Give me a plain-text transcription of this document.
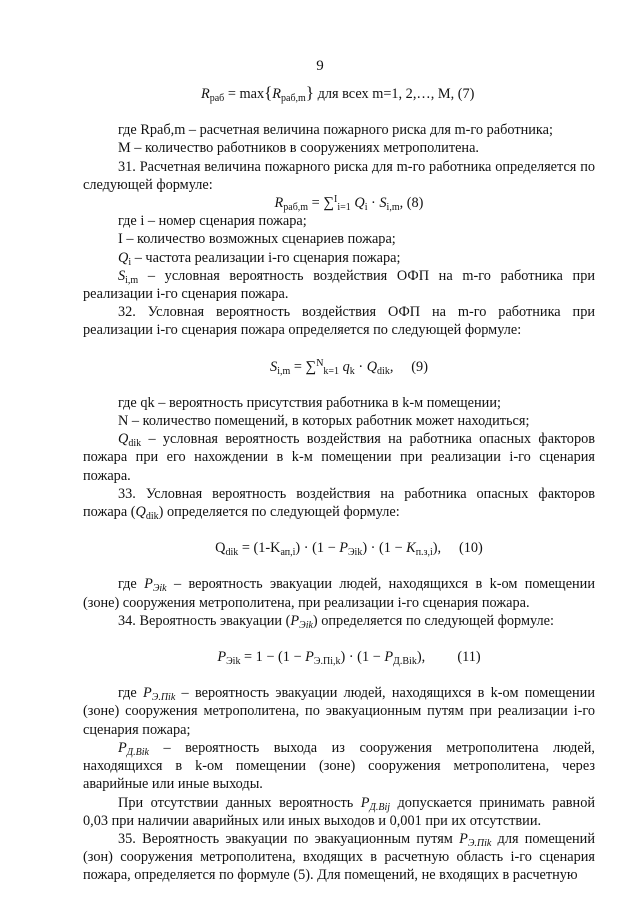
9
$R_{раб} = \max\{R_{раб,m}\}$ для всех m=1, 2,…, M, (7)

где Rраб,m – расчетная величина пожарного риска для m-го работника;

M – количество работников в сооружениях метрополитена.

31. Расчетная величина пожарного риска для m-го работника определяется по следующей формуле:

$R_{раб,m} = \sum^I_{i=1}$ $Q_i \cdot S_{i,m}$, (8)

где i – номер сценария пожара;

I – количество возможных сценариев пожара;

$Q_i$ – частота реализации i-го сценария пожара;

$S_{i,m}$ – условная вероятность воздействия ОФП на m-го работника при реализации i-го сценария пожара.

32. Условная вероятность воздействия ОФП на m-го работника при реализации i-го сценария пожара определяется по следующей формуле:

$S_{i,m} = \sum^N_{k=1}$ $q_k \cdot Q_{dik}$,     (9)

где qk – вероятность присутствия работника в k-м помещении;

N – количество помещений, в которых работник может находиться;

$Q_{dik}$ – условная вероятность воздействия на работника опасных факторов пожара при его нахождении в k-м помещении при реализации i-го сценария пожара.

33. Условная вероятность воздействия на работника опасных факторов пожара $(Q_{dik})$ определяется по следующей формуле:

$Q_{dik} = (1-K_{ап,i}) \cdot (1 - P_{Эik}) \cdot (1 - K_{п.з,i})$,     (10)

где $P_{Эik}$ – вероятность эвакуации людей, находящихся в k-ом помещении (зоне) сооружения метрополитена, при реализации i-го сценария пожара.

34. Вероятность эвакуации $(P_{Эik})$ определяется по следующей формуле:

$P_{Эik} = 1 - (1 - P_{Э.Пi,k}) \cdot (1 - P_{Д.Вik})$,         (11)

где $P_{Э.Пik}$ – вероятность эвакуации людей, находящихся в k-ом помещении (зоне) сооружения метрополитена, по эвакуационным путям при реализации i-го сценария пожара;

$P_{Д.Вik}$ – вероятность выхода из сооружения метрополитена людей, находящихся в k-ом помещении (зоне) сооружения метрополитена, через аварийные или иные выходы.

При отсутствии данных вероятность $P_{Д.Вij}$ допускается принимать равной 0,03 при наличии аварийных или иных выходов и 0,001 при их отсутствии.

35. Вероятность эвакуации по эвакуационным путям $P_{Э.Пik}$ для помещений (зон) сооружения метрополитена, входящих в расчетную область i-го сценария пожара, определяется по формуле (5). Для помещений, не входящих в расчетную
